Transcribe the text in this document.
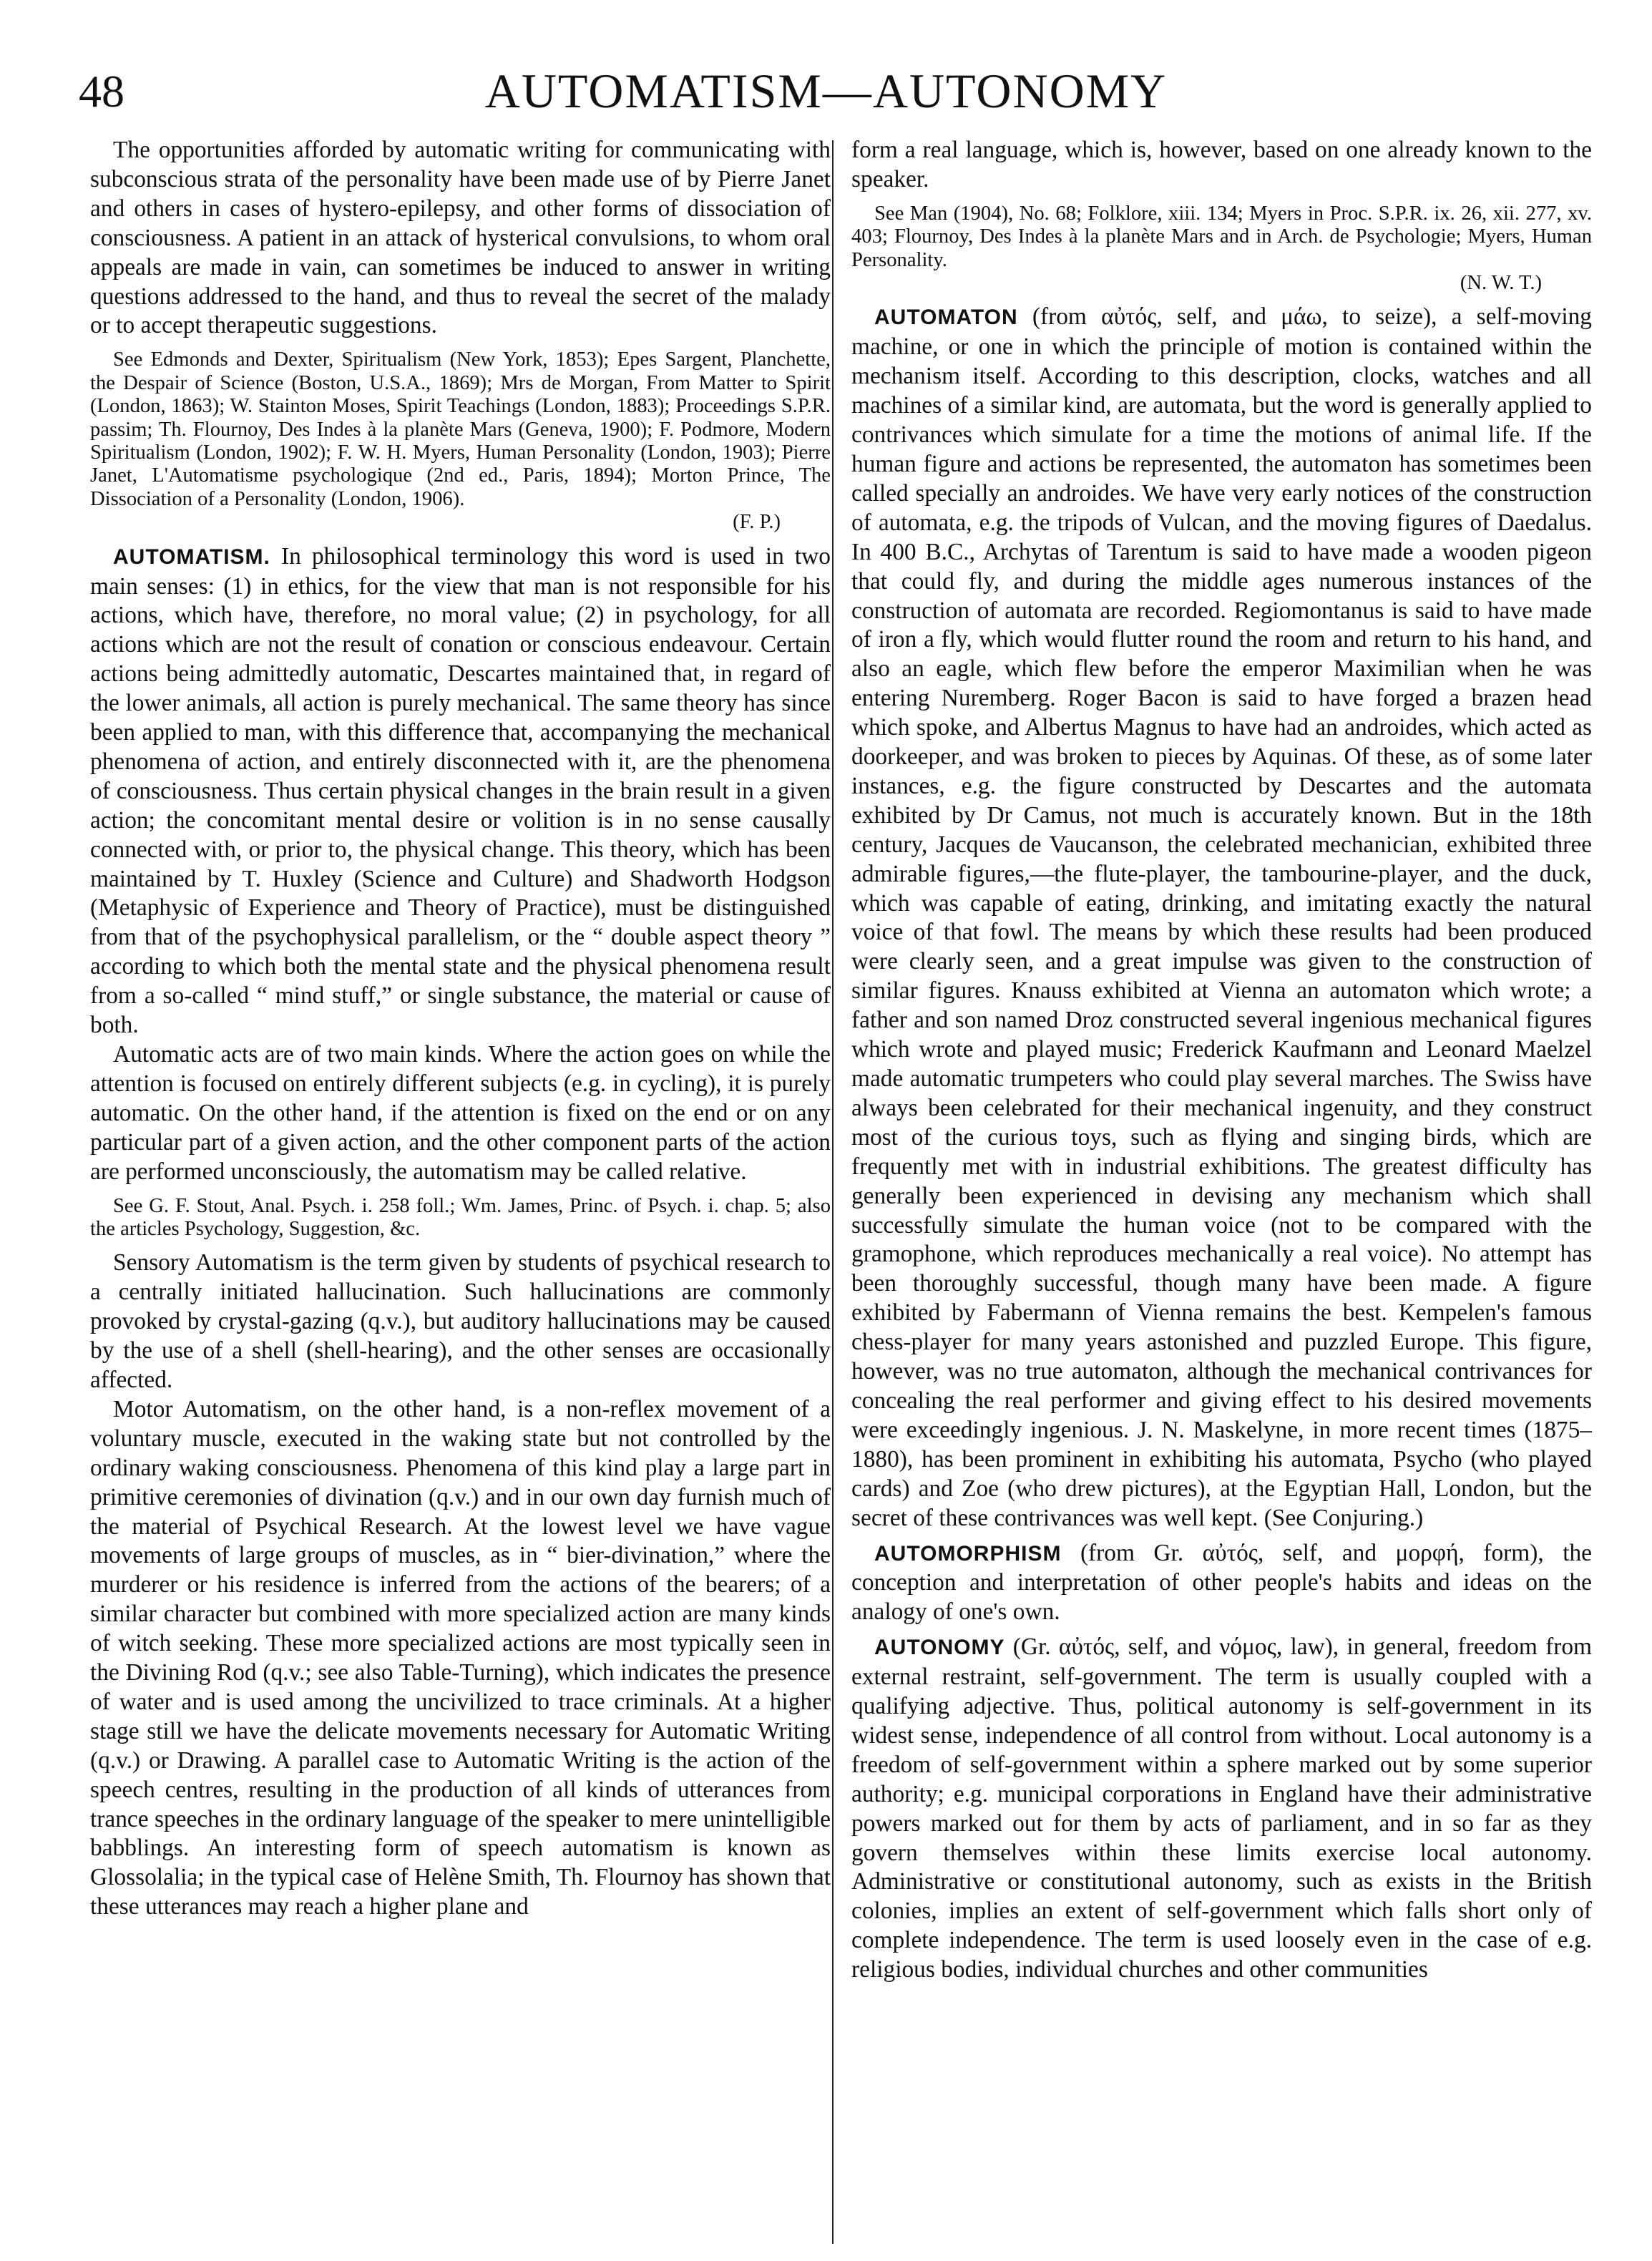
48	AUTOMATISM—AUTONOMY

The opportunities afforded by automatic writing for communicating with subconscious strata of the personality have been made use of by Pierre Janet and others in cases of hystero-epilepsy, and other forms of dissociation of consciousness. A patient in an attack of hysterical convulsions, to whom oral appeals are made in vain, can sometimes be induced to answer in writing questions addressed to the hand, and thus to reveal the secret of the malady or to accept therapeutic suggestions.

See Edmonds and Dexter, Spiritualism (New York, 1853); Epes Sargent, Planchette, the Despair of Science (Boston, U.S.A., 1869); Mrs de Morgan, From Matter to Spirit (London, 1863); W. Stainton Moses, Spirit Teachings (London, 1883); Proceedings S.P.R. passim; Th. Flournoy, Des Indes à la planète Mars (Geneva, 1900); F. Podmore, Modern Spiritualism (London, 1902); F. W. H. Myers, Human Personality (London, 1903); Pierre Janet, L'Automatisme psychologique (2nd ed., Paris, 1894); Morton Prince, The Dissociation of a Personality (London, 1906).
(F. P.)

AUTOMATISM. In philosophical terminology this word is used in two main senses: (1) in ethics, for the view that man is not responsible for his actions, which have, therefore, no moral value; (2) in psychology, for all actions which are not the result of conation or conscious endeavour. Certain actions being admittedly automatic, Descartes maintained that, in regard of the lower animals, all action is purely mechanical. The same theory has since been applied to man, with this difference that, accompanying the mechanical phenomena of action, and entirely disconnected with it, are the phenomena of consciousness. Thus certain physical changes in the brain result in a given action; the concomitant mental desire or volition is in no sense causally connected with, or prior to, the physical change. This theory, which has been maintained by T. Huxley (Science and Culture) and Shadworth Hodgson (Metaphysic of Experience and Theory of Practice), must be distinguished from that of the psychophysical parallelism, or the “ double aspect theory ” according to which both the mental state and the physical phenomena result from a so-called “ mind stuff,” or single substance, the material or cause of both.

Automatic acts are of two main kinds. Where the action goes on while the attention is focused on entirely different subjects (e.g. in cycling), it is purely automatic. On the other hand, if the attention is fixed on the end or on any particular part of a given action, and the other component parts of the action are performed unconsciously, the automatism may be called relative.

See G. F. Stout, Anal. Psych. i. 258 foll.; Wm. James, Princ. of Psych. i. chap. 5; also the articles Psychology, Suggestion, &c.

Sensory Automatism is the term given by students of psychical research to a centrally initiated hallucination. Such hallucinations are commonly provoked by crystal-gazing (q.v.), but auditory hallucinations may be caused by the use of a shell (shell-hearing), and the other senses are occasionally affected.

Motor Automatism, on the other hand, is a non-reflex movement of a voluntary muscle, executed in the waking state but not controlled by the ordinary waking consciousness. Phenomena of this kind play a large part in primitive ceremonies of divination (q.v.) and in our own day furnish much of the material of Psychical Research. At the lowest level we have vague movements of large groups of muscles, as in “ bier-divination,” where the murderer or his residence is inferred from the actions of the bearers; of a similar character but combined with more specialized action are many kinds of witch seeking. These more specialized actions are most typically seen in the Divining Rod (q.v.; see also Table-Turning), which indicates the presence of water and is used among the uncivilized to trace criminals. At a higher stage still we have the delicate movements necessary for Automatic Writing (q.v.) or Drawing. A parallel case to Automatic Writing is the action of the speech centres, resulting in the production of all kinds of utterances from trance speeches in the ordinary language of the speaker to mere unintelligible babblings. An interesting form of speech automatism is known as Glossolalia; in the typical case of Helène Smith, Th. Flournoy has shown that these utterances may reach a higher plane and

form a real language, which is, however, based on one already known to the speaker.

See Man (1904), No. 68; Folklore, xiii. 134; Myers in Proc. S.P.R. ix. 26, xii. 277, xv. 403; Flournoy, Des Indes à la planète Mars and in Arch. de Psychologie; Myers, Human Personality.
(N. W. T.)

AUTOMATON (from αὐτός, self, and μάω, to seize), a self-moving machine, or one in which the principle of motion is contained within the mechanism itself. According to this description, clocks, watches and all machines of a similar kind, are automata, but the word is generally applied to contrivances which simulate for a time the motions of animal life. If the human figure and actions be represented, the automaton has sometimes been called specially an androides. We have very early notices of the construction of automata, e.g. the tripods of Vulcan, and the moving figures of Daedalus. In 400 B.C., Archytas of Tarentum is said to have made a wooden pigeon that could fly, and during the middle ages numerous instances of the construction of automata are recorded. Regiomontanus is said to have made of iron a fly, which would flutter round the room and return to his hand, and also an eagle, which flew before the emperor Maximilian when he was entering Nuremberg. Roger Bacon is said to have forged a brazen head which spoke, and Albertus Magnus to have had an androides, which acted as doorkeeper, and was broken to pieces by Aquinas. Of these, as of some later instances, e.g. the figure constructed by Descartes and the automata exhibited by Dr Camus, not much is accurately known. But in the 18th century, Jacques de Vaucanson, the celebrated mechanician, exhibited three admirable figures,—the flute-player, the tambourine-player, and the duck, which was capable of eating, drinking, and imitating exactly the natural voice of that fowl. The means by which these results had been produced were clearly seen, and a great impulse was given to the construction of similar figures. Knauss exhibited at Vienna an automaton which wrote; a father and son named Droz constructed several ingenious mechanical figures which wrote and played music; Frederick Kaufmann and Leonard Maelzel made automatic trumpeters who could play several marches. The Swiss have always been celebrated for their mechanical ingenuity, and they construct most of the curious toys, such as flying and singing birds, which are frequently met with in industrial exhibitions. The greatest difficulty has generally been experienced in devising any mechanism which shall successfully simulate the human voice (not to be compared with the gramophone, which reproduces mechanically a real voice). No attempt has been thoroughly successful, though many have been made. A figure exhibited by Fabermann of Vienna remains the best. Kempelen's famous chess-player for many years astonished and puzzled Europe. This figure, however, was no true automaton, although the mechanical contrivances for concealing the real performer and giving effect to his desired movements were exceedingly ingenious. J. N. Maskelyne, in more recent times (1875–1880), has been prominent in exhibiting his automata, Psycho (who played cards) and Zoe (who drew pictures), at the Egyptian Hall, London, but the secret of these contrivances was well kept. (See Conjuring.)

AUTOMORPHISM (from Gr. αὐτός, self, and μορφή, form), the conception and interpretation of other people's habits and ideas on the analogy of one's own.

AUTONOMY (Gr. αὐτός, self, and νόμος, law), in general, freedom from external restraint, self-government. The term is usually coupled with a qualifying adjective. Thus, political autonomy is self-government in its widest sense, independence of all control from without. Local autonomy is a freedom of self-government within a sphere marked out by some superior authority; e.g. municipal corporations in England have their administrative powers marked out for them by acts of parliament, and in so far as they govern themselves within these limits exercise local autonomy. Administrative or constitutional autonomy, such as exists in the British colonies, implies an extent of self-government which falls short only of complete independence. The term is used loosely even in the case of e.g. religious bodies, individual churches and other communities
